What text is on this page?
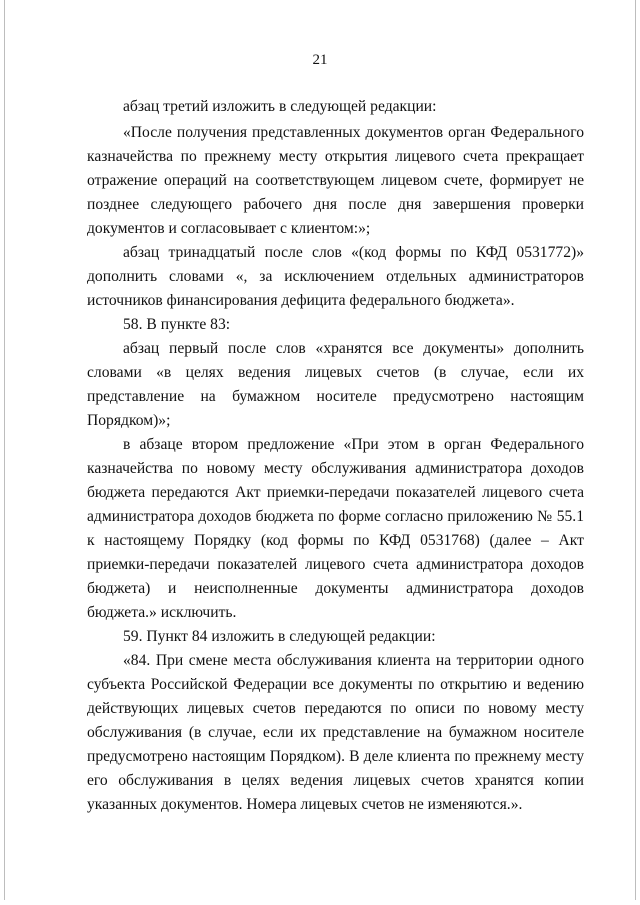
21

абзац третий изложить в следующей редакции:

«После получения представленных документов орган Федерального казначейства по прежнему месту открытия лицевого счета прекращает отражение операций на соответствующем лицевом счете, формирует не позднее следующего рабочего дня после дня завершения проверки документов и согласовывает с клиентом:»;

абзац тринадцатый после слов «(код формы по КФД 0531772)» дополнить словами «, за исключением отдельных администраторов источников финансирования дефицита федерального бюджета».

58. В пункте 83:

абзац первый после слов «хранятся все документы» дополнить словами «в целях ведения лицевых счетов (в случае, если их представление на бумажном носителе предусмотрено настоящим Порядком)»;

в абзаце втором предложение «При этом в орган Федерального казначейства по новому месту обслуживания администратора доходов бюджета передаются Акт приемки-передачи показателей лицевого счета администратора доходов бюджета по форме согласно приложению № 55.1 к настоящему Порядку (код формы по КФД 0531768) (далее – Акт приемки-передачи показателей лицевого счета администратора доходов бюджета) и неисполненные документы администратора доходов бюджета.» исключить.

59. Пункт 84 изложить в следующей редакции:

«84. При смене места обслуживания клиента на территории одного субъекта Российской Федерации все документы по открытию и ведению действующих лицевых счетов передаются по описи по новому месту обслуживания (в случае, если их представление на бумажном носителе предусмотрено настоящим Порядком). В деле клиента по прежнему месту его обслуживания в целях ведения лицевых счетов хранятся копии указанных документов. Номера лицевых счетов не изменяются.».
